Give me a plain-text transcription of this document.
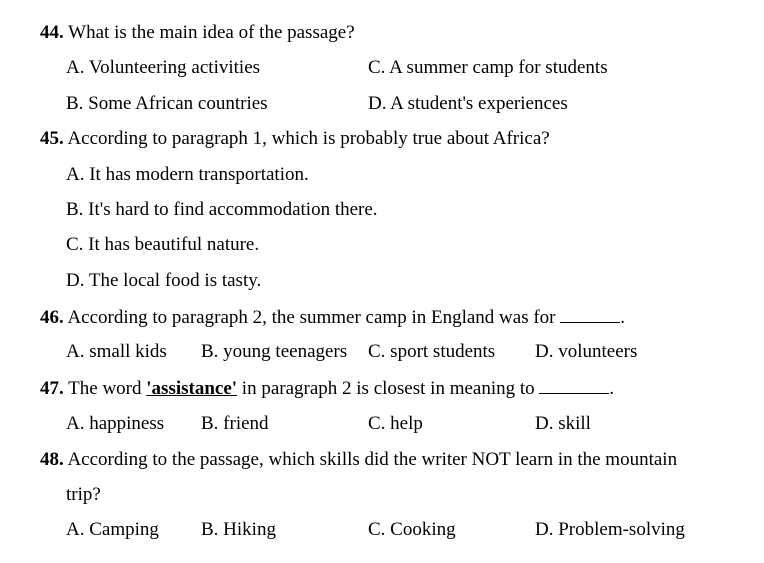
44. What is the main idea of the passage?
A. Volunteering activities	C. A summer camp for students
B. Some African countries	D. A student's experiences
45. According to paragraph 1, which is probably true about Africa?
A. It has modern transportation.
B. It's hard to find accommodation there.
C. It has beautiful nature.
D. The local food is tasty.
46. According to paragraph 2, the summer camp in England was for	.
A. small kids B. young teenagers C. sport students D. volunteers
47. The word 'assistance' in paragraph 2 is closest in meaning to	.
A. happiness B. friend	C. help	D. skill
48. According to the passage, which skills did the writer NOT learn in the mountain
trip?
A. Camping B. Hiking	C. Cooking	D. Problem-solving
